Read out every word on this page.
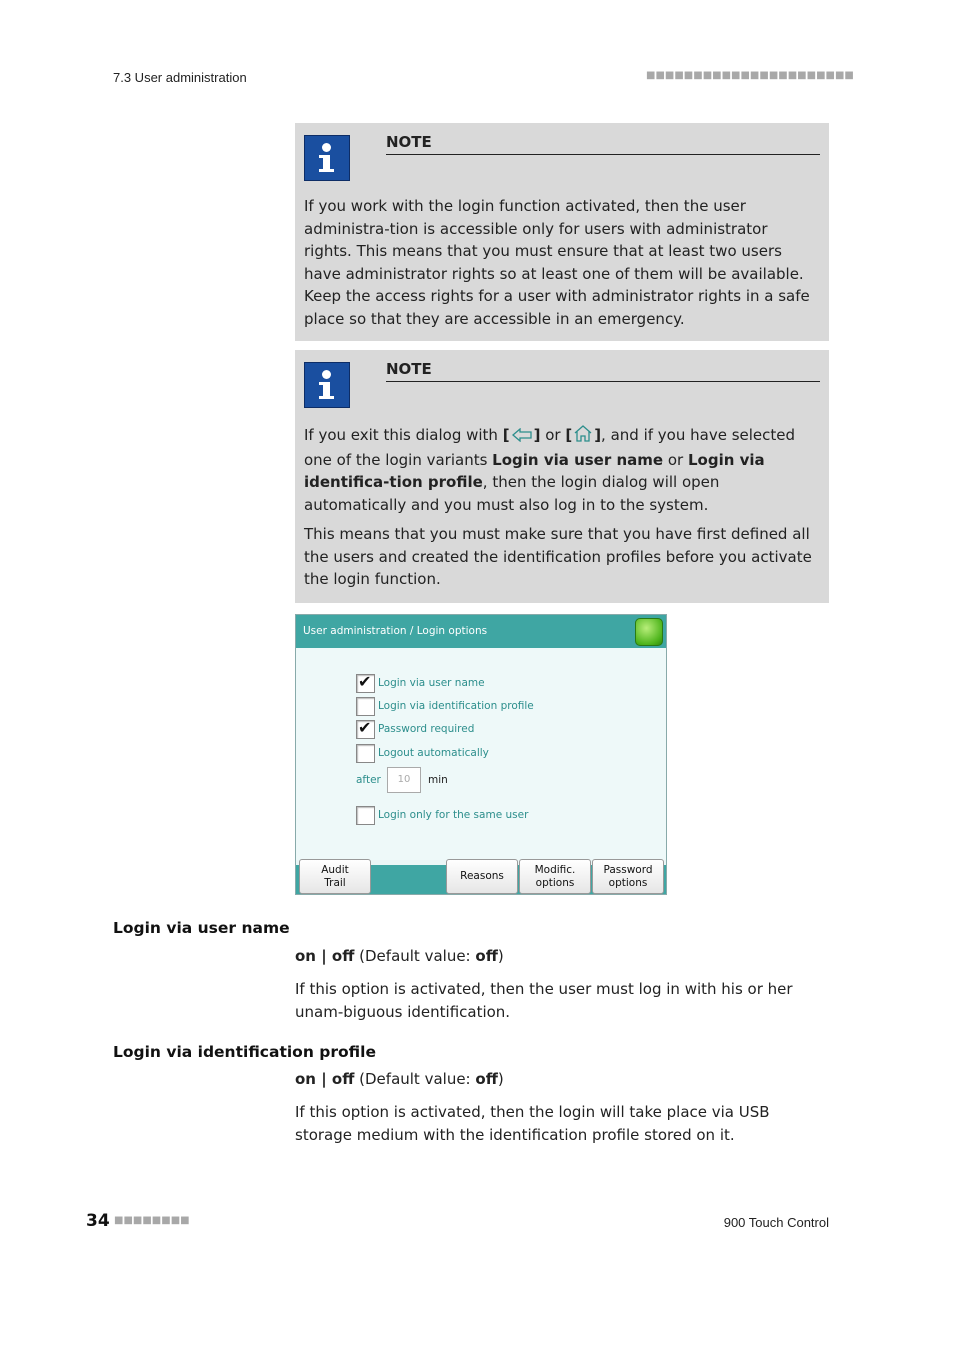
7.3 User administration	■■■■■■■■■■■■■■■■■■■■■■
NOTE
If you work with the login function activated, then the user administra-tion is accessible only for users with administrator rights. This means that you must ensure that at least two users have administrator rights so at least one of them will be available. Keep the access rights for a user with administrator rights in a safe place so that they are accessible in an emergency.
NOTE
If you exit this dialog with [ ] or [ ], and if you have selected one of the login variants Login via user name or Login via identifica-tion profile, then the login dialog will open automatically and you must also log in to the system.
This means that you must make sure that you have first defined all the users and created the identification profiles before you activate the login function.
User administration / Login options
✔ Login via user name
Login via identification profile
✔ Password required
Logout automatically
after	10	min
Login only for the same user
Audit
Trail
Reasons
Modific.
options
Password
options
Login via user name
on | off (Default value: off)
If this option is activated, then the user must log in with his or her unam-biguous identification.
Login via identification profile
on | off (Default value: off)
If this option is activated, then the login will take place via USB storage medium with the identification profile stored on it.
34 ■■■■■■■■	900 Touch Control
